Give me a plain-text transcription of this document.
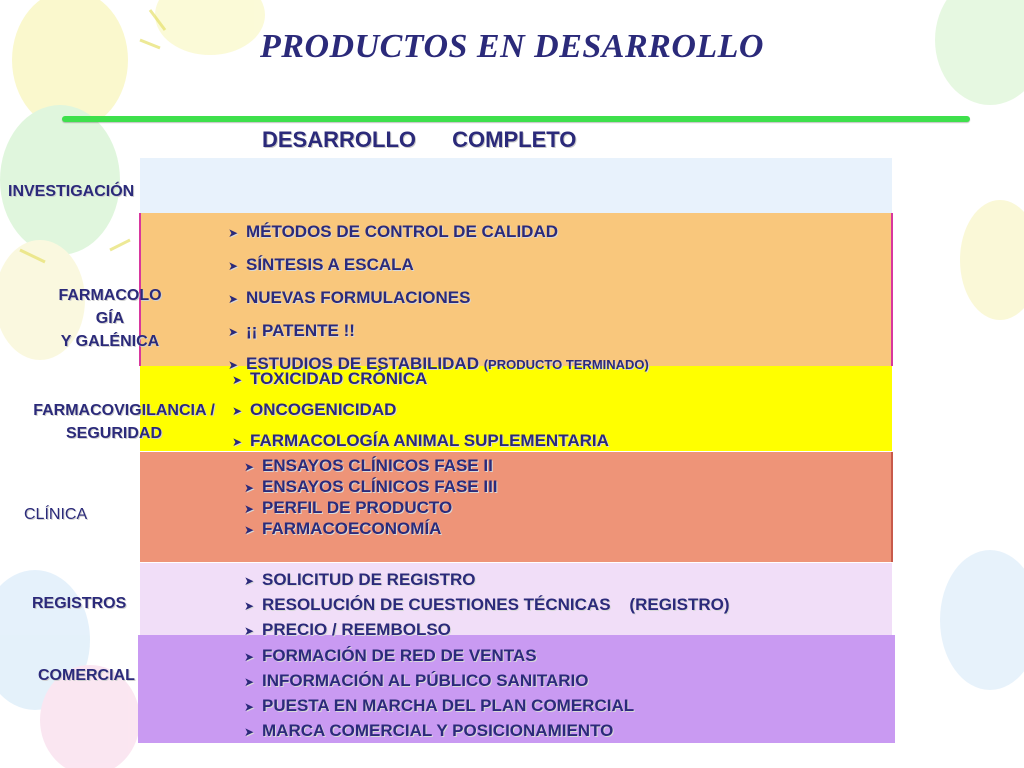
PRODUCTOS EN DESARROLLO
DESARROLLO COMPLETO
INVESTIGACIÓN
FARMACOLO
GÍA
Y GALÉNICA
FARMACOVIGILANCIA /
SEGURIDAD
CLÍNICA
REGISTROS
COMERCIAL
➤ MÉTODOS DE CONTROL DE CALIDAD
➤ SÍNTESIS A ESCALA
➤ NUEVAS FORMULACIONES
➤ ¡¡ PATENTE !!
➤ ESTUDIOS DE ESTABILIDAD (PRODUCTO TERMINADO)
➤ TOXICIDAD CRÓNICA
➤ ONCOGENICIDAD
➤ FARMACOLOGÍA ANIMAL SUPLEMENTARIA
➤ ENSAYOS CLÍNICOS FASE II
➤ ENSAYOS CLÍNICOS FASE III
➤ PERFIL DE PRODUCTO
➤ FARMACOECONOMÍA
➤ SOLICITUD DE REGISTRO
➤ RESOLUCIÓN DE CUESTIONES TÉCNICAS    (REGISTRO)
➤ PRECIO / REEMBOLSO
➤ FORMACIÓN DE RED DE VENTAS
➤ INFORMACIÓN AL PÚBLICO SANITARIO
➤ PUESTA EN MARCHA DEL PLAN COMERCIAL
➤ MARCA COMERCIAL Y POSICIONAMIENTO
